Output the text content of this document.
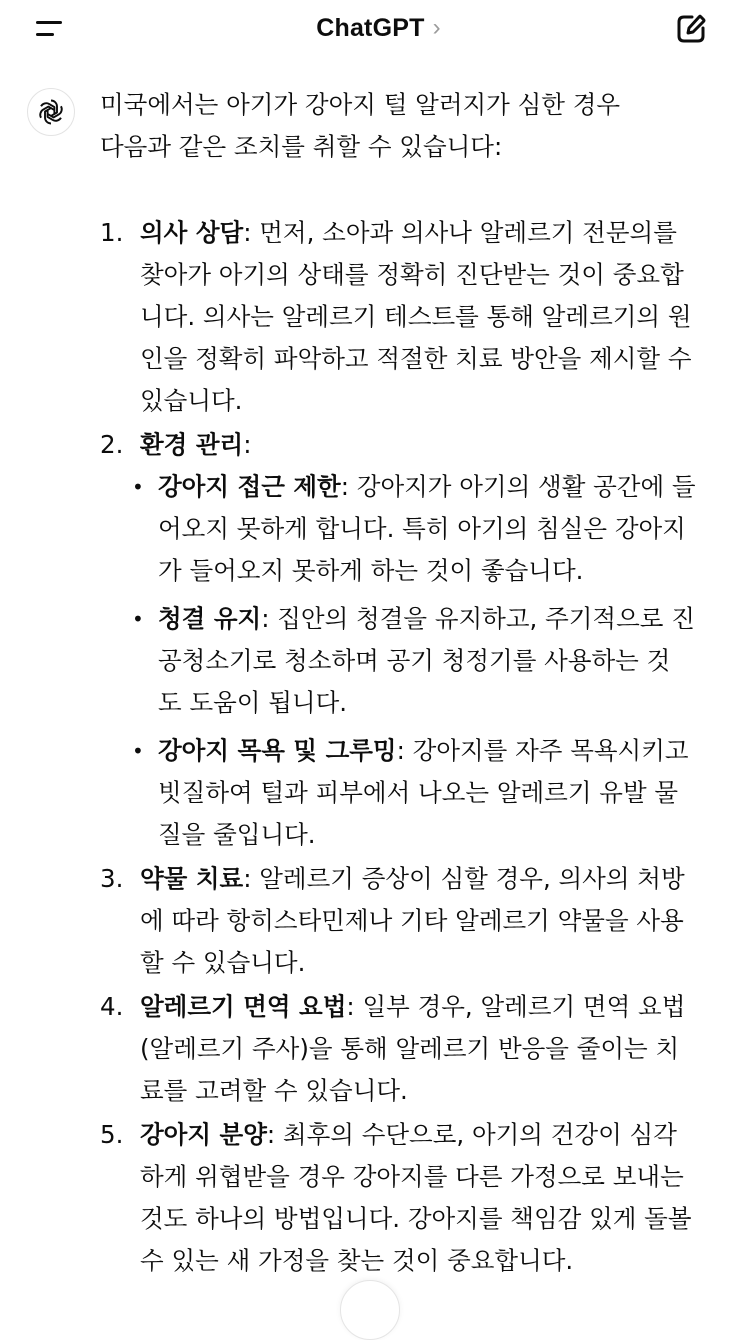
ChatGPT ›

미국에서는 아기가 강아지 털 알러지가 심한 경우
다음과 같은 조치를 취할 수 있습니다:

1. 의사 상담: 먼저, 소아과 의사나 알레르기 전문의를
찾아가 아기의 상태를 정확히 진단받는 것이 중요합
니다. 의사는 알레르기 테스트를 통해 알레르기의 원
인을 정확히 파악하고 적절한 치료 방안을 제시할 수
있습니다.
2. 환경 관리:
• 강아지 접근 제한: 강아지가 아기의 생활 공간에 들
어오지 못하게 합니다. 특히 아기의 침실은 강아지
가 들어오지 못하게 하는 것이 좋습니다.
• 청결 유지: 집안의 청결을 유지하고, 주기적으로 진
공청소기로 청소하며 공기 청정기를 사용하는 것
도 도움이 됩니다.
• 강아지 목욕 및 그루밍: 강아지를 자주 목욕시키고
빗질하여 털과 피부에서 나오는 알레르기 유발 물
질을 줄입니다.
3. 약물 치료: 알레르기 증상이 심할 경우, 의사의 처방
에 따라 항히스타민제나 기타 알레르기 약물을 사용
할 수 있습니다.
4. 알레르기 면역 요법: 일부 경우, 알레르기 면역 요법
(알레르기 주사)을 통해 알레르기 반응을 줄이는 치
료를 고려할 수 있습니다.
5. 강아지 분양: 최후의 수단으로, 아기의 건강이 심각
하게 위협받을 경우 강아지를 다른 가정으로 보내는
것도 하나의 방법입니다. 강아지를 책임감 있게 돌볼
수 있는 새 가정을 찾는 것이 중요합니다.
